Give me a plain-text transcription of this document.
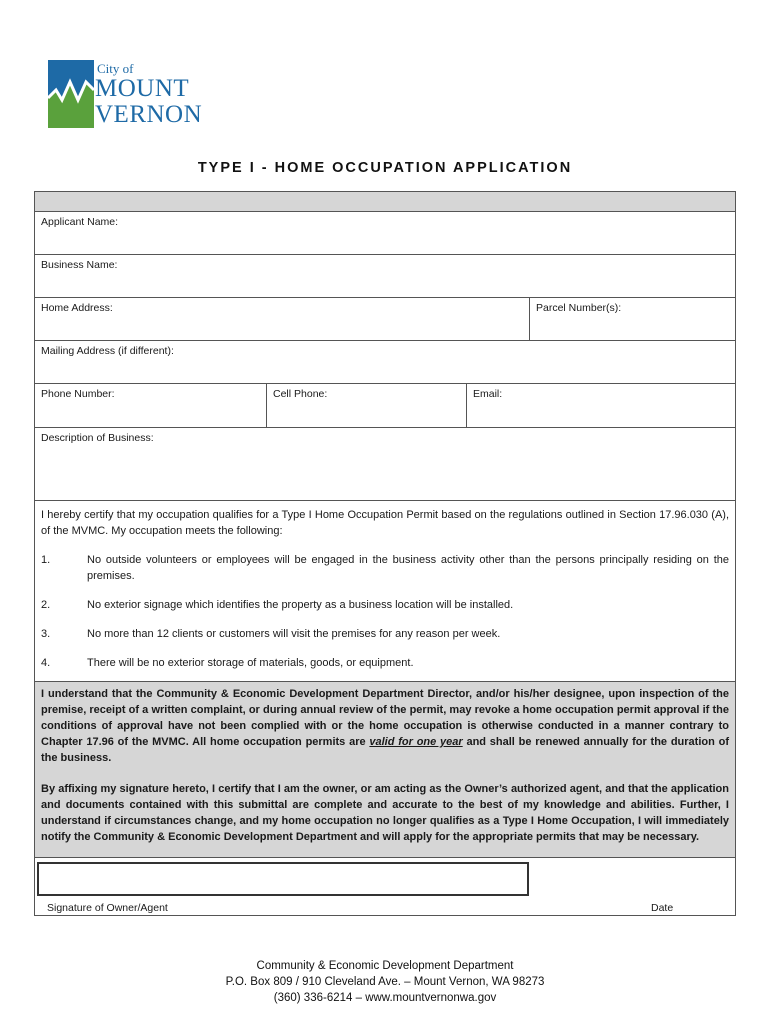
City of
MOUNT
VERNON
TYPE I - HOME OCCUPATION APPLICATION
Applicant Name:
Business Name:
Home Address:	Parcel Number(s):
Mailing Address (if different):
Phone Number:	Cell Phone:	Email:
Description of Business:
I hereby certify that my occupation qualifies for a Type I Home Occupation Permit based on the regulations outlined in Section 17.96.030 (A), of the MVMC. My occupation meets the following:
1.	No outside volunteers or employees will be engaged in the business activity other than the persons principally residing on the premises.
2.	No exterior signage which identifies the property as a business location will be installed.
3.	No more than 12 clients or customers will visit the premises for any reason per week.
4.	There will be no exterior storage of materials, goods, or equipment.

I understand that the Community & Economic Development Department Director, and/or his/her designee, upon inspection of the premise, receipt of a written complaint, or during annual review of the permit, may revoke a home occupation permit approval if the conditions of approval have not been complied with or the home occupation is otherwise conducted in a manner contrary to Chapter 17.96 of the MVMC. All home occupation permits are valid for one year and shall be renewed annually for the duration of the business.

By affixing my signature hereto, I certify that I am the owner, or am acting as the Owner’s authorized agent, and that the application and documents contained with this submittal are complete and accurate to the best of my knowledge and abilities. Further, I understand if circumstances change, and my home occupation no longer qualifies as a Type I Home Occupation, I will immediately notify the Community & Economic Development Department and will apply for the appropriate permits that may be necessary.

Signature of Owner/Agent	Date
Community & Economic Development Department
P.O. Box 809 / 910 Cleveland Ave. – Mount Vernon, WA 98273
(360) 336-6214 – www.mountvernonwa.gov
